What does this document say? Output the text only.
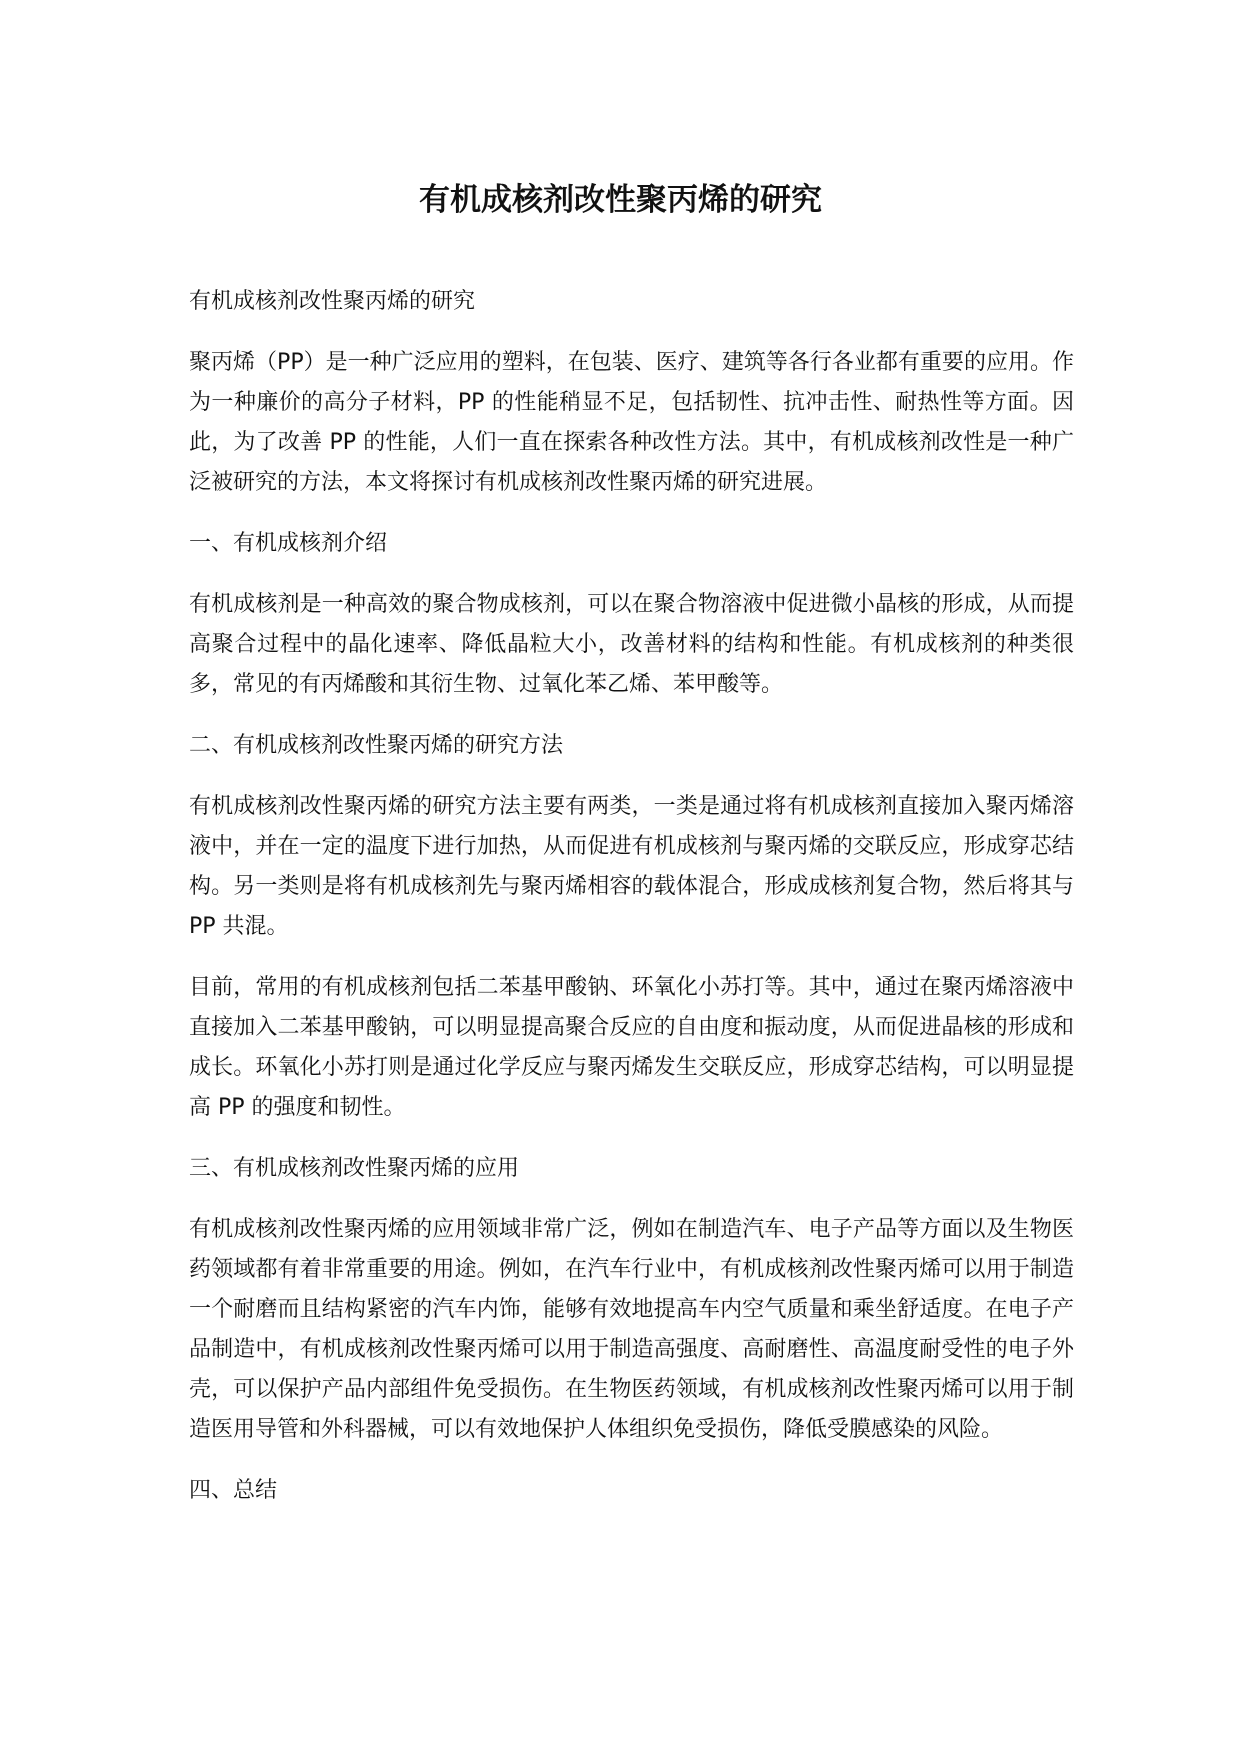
有机成核剂改性聚丙烯的研究

有机成核剂改性聚丙烯的研究

聚丙烯（PP）是一种广泛应用的塑料，在包装、医疗、建筑等各行各业都有重要的应用。作为一种廉价的高分子材料，PP 的性能稍显不足，包括韧性、抗冲击性、耐热性等方面。因此，为了改善 PP 的性能，人们一直在探索各种改性方法。其中，有机成核剂改性是一种广泛被研究的方法，本文将探讨有机成核剂改性聚丙烯的研究进展。

一、有机成核剂介绍

有机成核剂是一种高效的聚合物成核剂，可以在聚合物溶液中促进微小晶核的形成，从而提高聚合过程中的晶化速率、降低晶粒大小，改善材料的结构和性能。有机成核剂的种类很多，常见的有丙烯酸和其衍生物、过氧化苯乙烯、苯甲酸等。

二、有机成核剂改性聚丙烯的研究方法

有机成核剂改性聚丙烯的研究方法主要有两类，一类是通过将有机成核剂直接加入聚丙烯溶液中，并在一定的温度下进行加热，从而促进有机成核剂与聚丙烯的交联反应，形成穿芯结构。另一类则是将有机成核剂先与聚丙烯相容的载体混合，形成成核剂复合物，然后将其与 PP 共混。

目前，常用的有机成核剂包括二苯基甲酸钠、环氧化小苏打等。其中，通过在聚丙烯溶液中直接加入二苯基甲酸钠，可以明显提高聚合反应的自由度和振动度，从而促进晶核的形成和成长。环氧化小苏打则是通过化学反应与聚丙烯发生交联反应，形成穿芯结构，可以明显提高 PP 的强度和韧性。

三、有机成核剂改性聚丙烯的应用

有机成核剂改性聚丙烯的应用领域非常广泛，例如在制造汽车、电子产品等方面以及生物医药领域都有着非常重要的用途。例如，在汽车行业中，有机成核剂改性聚丙烯可以用于制造一个耐磨而且结构紧密的汽车内饰，能够有效地提高车内空气质量和乘坐舒适度。在电子产品制造中，有机成核剂改性聚丙烯可以用于制造高强度、高耐磨性、高温度耐受性的电子外壳，可以保护产品内部组件免受损伤。在生物医药领域，有机成核剂改性聚丙烯可以用于制造医用导管和外科器械，可以有效地保护人体组织免受损伤，降低受膜感染的风险。

四、总结
